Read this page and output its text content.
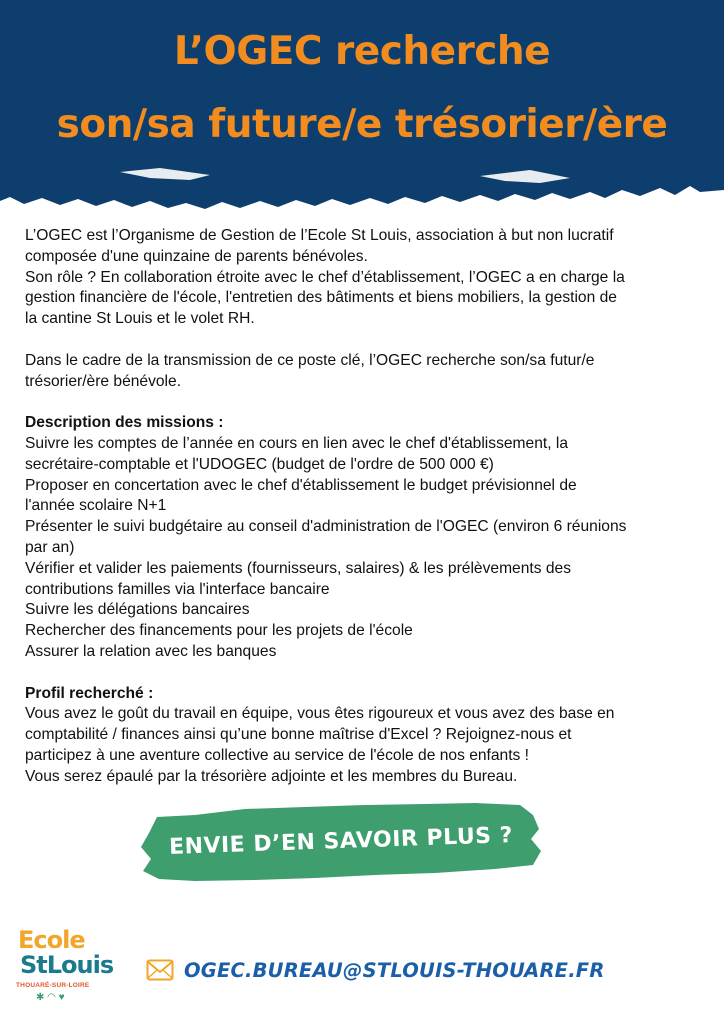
L’OGEC recherche
son/sa future/e trésorier/ère

L’OGEC est l’Organisme de Gestion de l’Ecole St Louis, association à but non lucratif

composée d'une quinzaine de parents bénévoles.

Son rôle ? En collaboration étroite avec le chef d’établissement, l’OGEC a en charge la

gestion financière de l'école, l'entretien des bâtiments et biens mobiliers, la gestion de

la cantine St Louis et le volet RH.

Dans le cadre de la transmission de ce poste clé, l’OGEC recherche son/sa futur/e

trésorier/ère bénévole.

Description des missions :

Suivre les comptes de l’année en cours en lien avec le chef d'établissement, la

secrétaire-comptable et l'UDOGEC (budget de l'ordre de 500 000 €)

Proposer en concertation avec le chef d'établissement le budget prévisionnel de

l'année scolaire N+1

Présenter le suivi budgétaire au conseil d'administration de l'OGEC (environ 6 réunions

par an)

Vérifier et valider les paiements (fournisseurs, salaires) & les prélèvements des

contributions familles via l'interface bancaire

Suivre les délégations bancaires

Rechercher des financements pour les projets de l'école

Assurer la relation avec les banques

Profil recherché :

Vous avez le goût du travail en équipe, vous êtes rigoureux et vous avez des base en

comptabilité / finances ainsi qu’une bonne maîtrise d'Excel ? Rejoignez-nous et

participez à une aventure collective au service de l'école de nos enfants !

Vous serez épaulé par la trésorière adjointe et les membres du Bureau.

ENVIE D’EN SAVOIR PLUS ?
Ecole
StLouis
THOUARÉ-SUR-LOIRE
✱ ◠ ♥
OGEC.BUREAU@STLOUIS-THOUARE.FR
